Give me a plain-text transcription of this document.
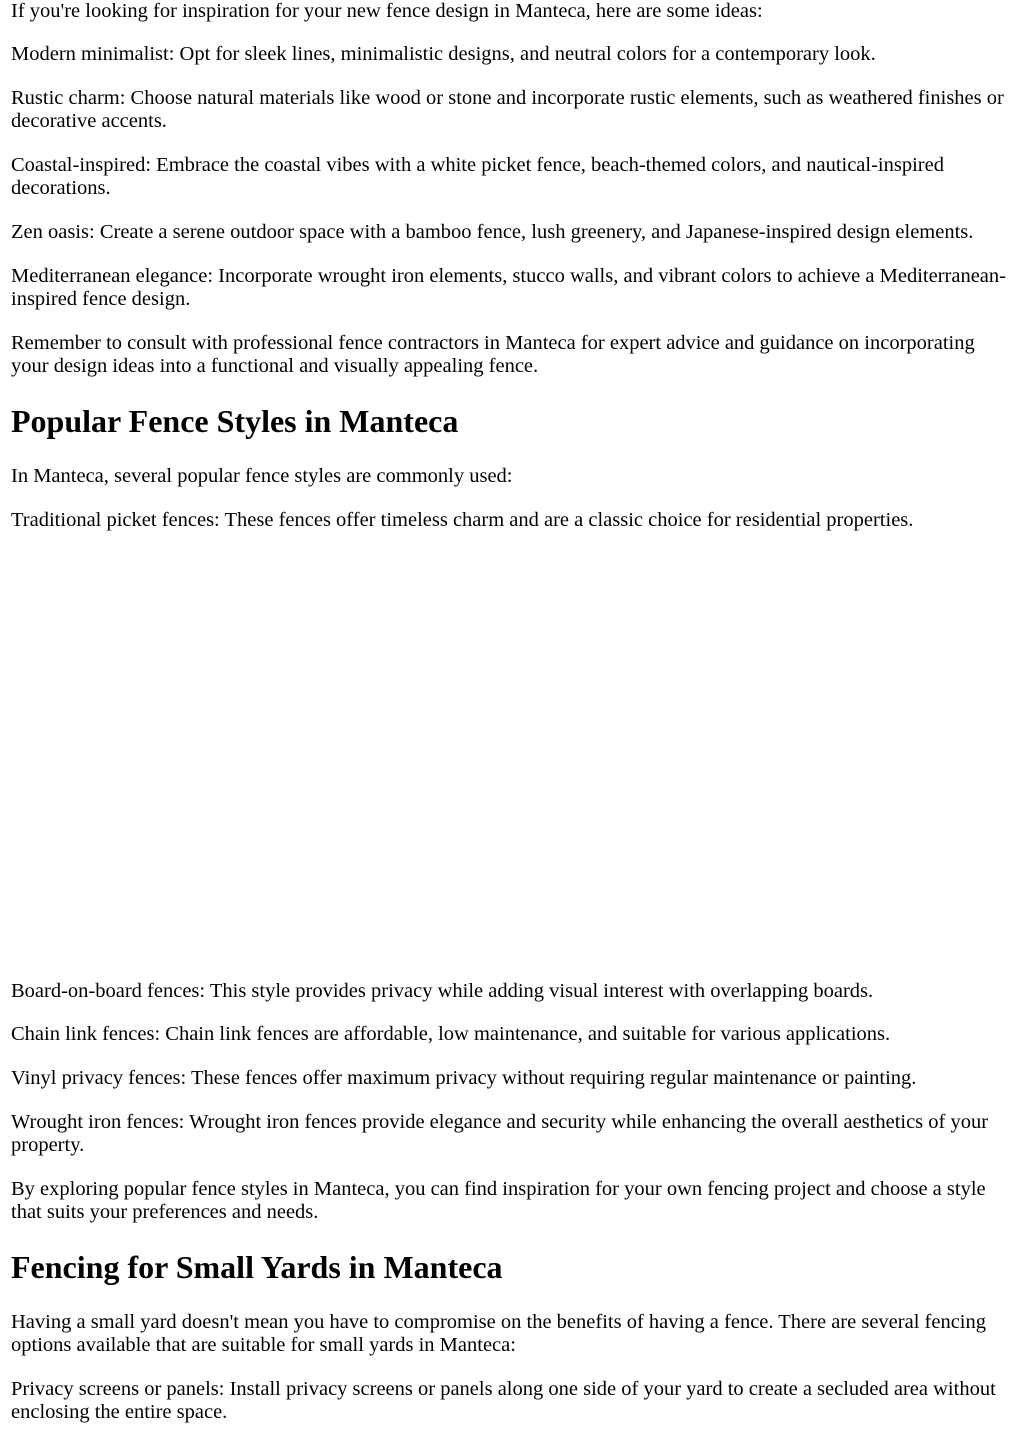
If you're looking for inspiration for your new fence design in Manteca, here are some ideas:

Modern minimalist: Opt for sleek lines, minimalistic designs, and neutral colors for a contemporary look.

Rustic charm: Choose natural materials like wood or stone and incorporate rustic elements, such as weathered finishes or decorative accents.

Coastal-inspired: Embrace the coastal vibes with a white picket fence, beach-themed colors, and nautical-inspired decorations.

Zen oasis: Create a serene outdoor space with a bamboo fence, lush greenery, and Japanese-inspired design elements.

Mediterranean elegance: Incorporate wrought iron elements, stucco walls, and vibrant colors to achieve a Mediterranean-inspired fence design.

Remember to consult with professional fence contractors in Manteca for expert advice and guidance on incorporating your design ideas into a functional and visually appealing fence.

Popular Fence Styles in Manteca

In Manteca, several popular fence styles are commonly used:

Traditional picket fences: These fences offer timeless charm and are a classic choice for residential properties.

Board-on-board fences: This style provides privacy while adding visual interest with overlapping boards.

Chain link fences: Chain link fences are affordable, low maintenance, and suitable for various applications.

Vinyl privacy fences: These fences offer maximum privacy without requiring regular maintenance or painting.

Wrought iron fences: Wrought iron fences provide elegance and security while enhancing the overall aesthetics of your property.

By exploring popular fence styles in Manteca, you can find inspiration for your own fencing project and choose a style that suits your preferences and needs.

Fencing for Small Yards in Manteca

Having a small yard doesn't mean you have to compromise on the benefits of having a fence. There are several fencing options available that are suitable for small yards in Manteca:

Privacy screens or panels: Install privacy screens or panels along one side of your yard to create a secluded area without enclosing the entire space.
